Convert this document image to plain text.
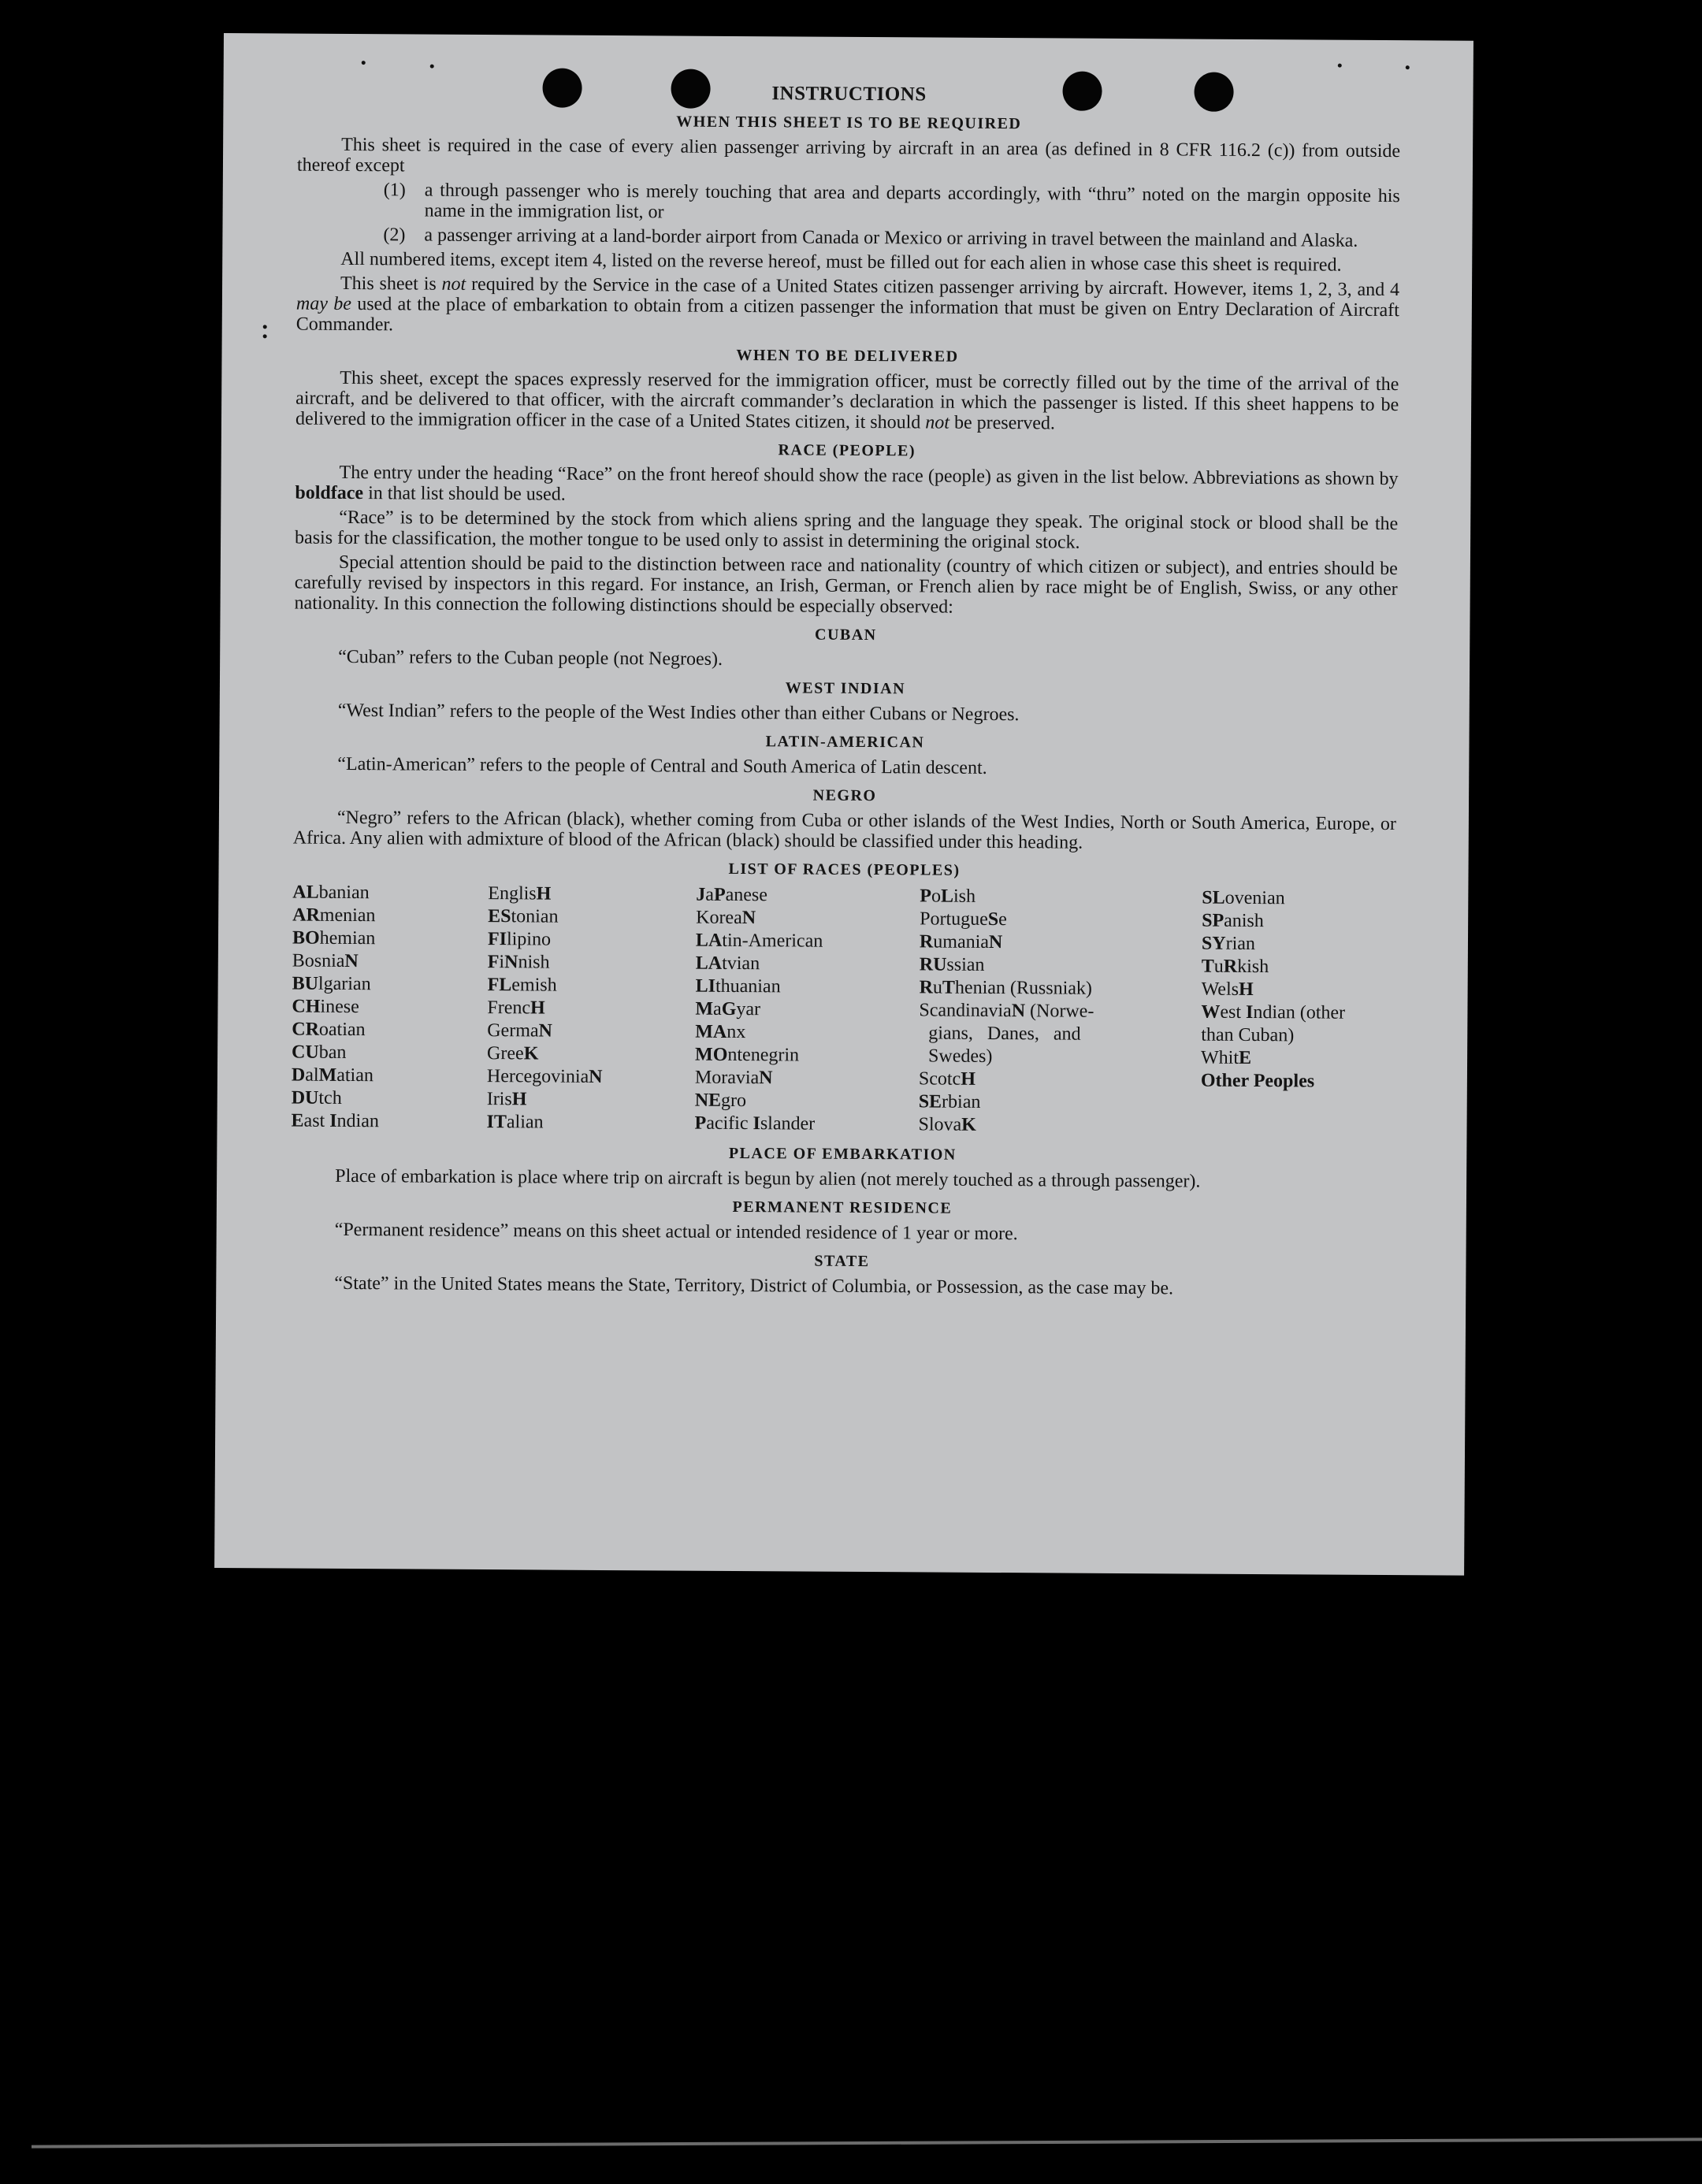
INSTRUCTIONS
WHEN THIS SHEET IS TO BE REQUIRED

This sheet is required in the case of every alien passenger arriving by aircraft in an area (as defined in 8 CFR 116.2 (c)) from outside thereof except

(1) a through passenger who is merely touching that area and departs accordingly, with “thru” noted on the margin opposite his name in the immigration list, or
(2) a passenger arriving at a land-border airport from Canada or Mexico or arriving in travel between the mainland and Alaska.

All numbered items, except item 4, listed on the reverse hereof, must be filled out for each alien in whose case this sheet is required.

This sheet is not required by the Service in the case of a United States citizen passenger arriving by aircraft. However, items 1, 2, 3, and 4 may be used at the place of embarkation to obtain from a citizen passenger the information that must be given on Entry Declaration of Aircraft Commander.

WHEN TO BE DELIVERED

This sheet, except the spaces expressly reserved for the immigration officer, must be correctly filled out by the time of the arrival of the aircraft, and be delivered to that officer, with the aircraft commander’s declaration in which the passenger is listed. If this sheet happens to be delivered to the immigration officer in the case of a United States citizen, it should not be preserved.

RACE (PEOPLE)

The entry under the heading “Race” on the front hereof should show the race (people) as given in the list below. Abbreviations as shown by boldface in that list should be used.

“Race” is to be determined by the stock from which aliens spring and the language they speak. The original stock or blood shall be the basis for the classification, the mother tongue to be used only to assist in determining the original stock.

Special attention should be paid to the distinction between race and nationality (country of which citizen or subject), and entries should be carefully revised by inspectors in this regard. For instance, an Irish, German, or French alien by race might be of English, Swiss, or any other nationality. In this connection the following distinctions should be especially observed:

CUBAN

“Cuban” refers to the Cuban people (not Negroes).

WEST INDIAN

“West Indian” refers to the people of the West Indies other than either Cubans or Negroes.

LATIN-AMERICAN

“Latin-American” refers to the people of Central and South America of Latin descent.

NEGRO

“Negro” refers to the African (black), whether coming from Cuba or other islands of the West Indies, North or South America, Europe, or Africa. Any alien with admixture of blood of the African (black) should be classified under this heading.

LIST OF RACES (PEOPLES)
ALbanian
ARmenian
BOhemian
BosniaN
BUlgarian
CHinese
CRoatian
CUban
DalMatian
DUtch
East Indian
EnglisH
EStonian
FIlipino
FiNnish
FLemish
FrencH
GermaN
GreeK
HercegoviniaN
IrisH
ITalian
JaPanese
KoreaN
LAtin-American
LAtvian
LIthuanian
MaGyar
MAnx
MOntenegrin
MoraviaN
NEgro
Pacific Islander
PoLish
PortugueSe
RumaniaN
RUssian
RuThenian (Russniak)
ScandinaviaN (Norwe-
gians,   Danes,   and
Swedes)
ScotcH
SErbian
SlovaK
SLovenian
SPanish
SYrian
TuRkish
WelsH
West Indian (other
than Cuban)
WhitE
Other Peoples
PLACE OF EMBARKATION

Place of embarkation is place where trip on aircraft is begun by alien (not merely touched as a through passenger).

PERMANENT RESIDENCE

“Permanent residence” means on this sheet actual or intended residence of 1 year or more.

STATE

“State” in the United States means the State, Territory, District of Columbia, or Possession, as the case may be.
